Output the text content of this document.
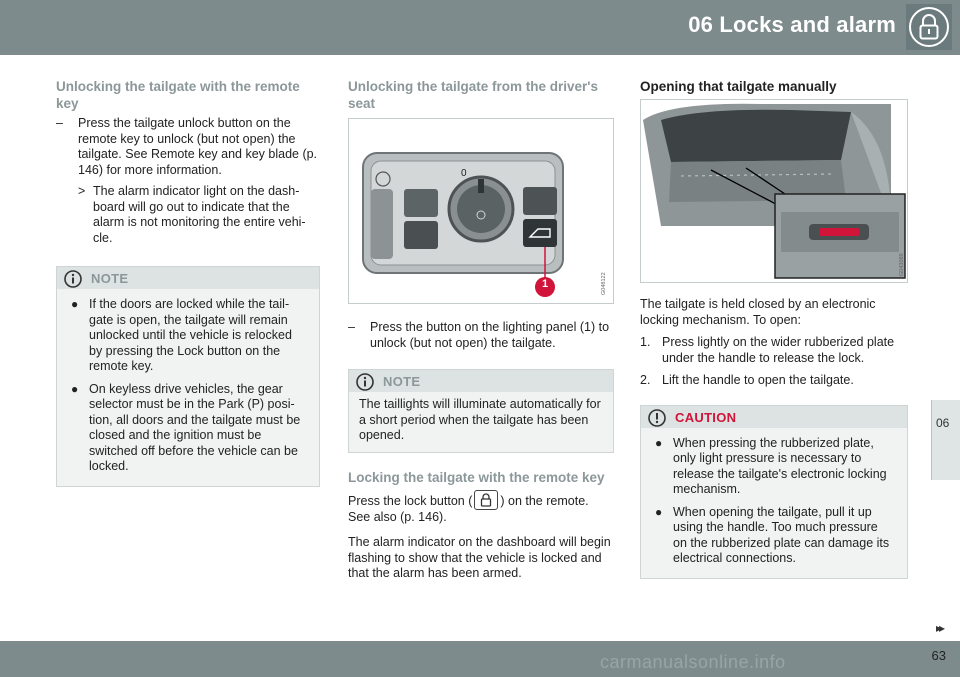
06 Locks and alarm
06
Unlocking the tailgate with the remote key
– Press the tailgate unlock button on the remote key to unlock (but not open) the tailgate. See Remote key and key blade (p. 146) for more information.
> The alarm indicator light on the dash-board will go out to indicate that the alarm is not monitoring the entire vehi-cle.
NOTE
● If the doors are locked while the tail-gate is open, the tailgate will remain unlocked until the vehicle is relocked by pressing the Lock button on the remote key.
● On keyless drive vehicles, the gear selector must be in the Park (P) posi-tion, all doors and the tailgate must be closed and the ignition must be switched off before the vehicle can be locked.
Unlocking the tailgate from the driver's seat
0
1	G048122
– Press the button on the lighting panel (1) to unlock (but not open) the tailgate.
NOTE

The taillights will illuminate automatically for a short period when the tailgate has been opened.

Locking the tailgate with the remote key

Press the lock button ( ) on the remote. See also (p. 146).

The alarm indicator on the dashboard will begin flashing to show that the vehicle is locked and that the alarm has been armed.

Opening that tailgate manually
G043089

The tailgate is held closed by an electronic locking mechanism. To open:

1. Press lightly on the wider rubberized plate under the handle to release the lock.
2. Lift the handle to open the tailgate.
CAUTION
● When pressing the rubberized plate, only light pressure is necessary to release the tailgate's electronic locking mechanism.
● When opening the tailgate, pull it up using the handle. Too much pressure on the rubberized plate can damage its electrical connections.
▸▸
carmanualsonline.info	63
